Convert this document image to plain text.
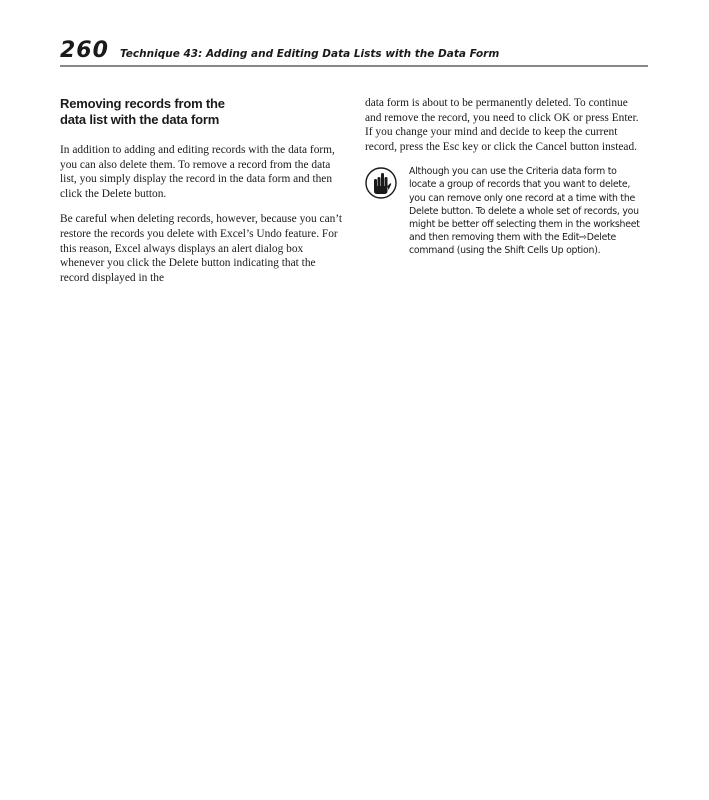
260 Technique 43: Adding and Editing Data Lists with the Data Form
Removing records from the data list with the data form

In addition to adding and editing records with the data form, you can also delete them. To remove a record from the data list, you simply display the record in the data form and then click the Delete button.

Be careful when deleting records, however, because you can’t restore the records you delete with Excel’s Undo feature. For this reason, Excel always displays an alert dialog box whenever you click the Delete button indicating that the record displayed in the

data form is about to be permanently deleted. To continue and remove the record, you need to click OK or press Enter. If you change your mind and decide to keep the current record, press the Esc key or click the Cancel button instead.

Although you can use the Criteria data form to locate a group of records that you want to delete, you can remove only one record at a time with the Delete button. To delete a whole set of records, you might be better off selecting them in the worksheet and then removing them with the Edit⇨Delete command (using the Shift Cells Up option).
